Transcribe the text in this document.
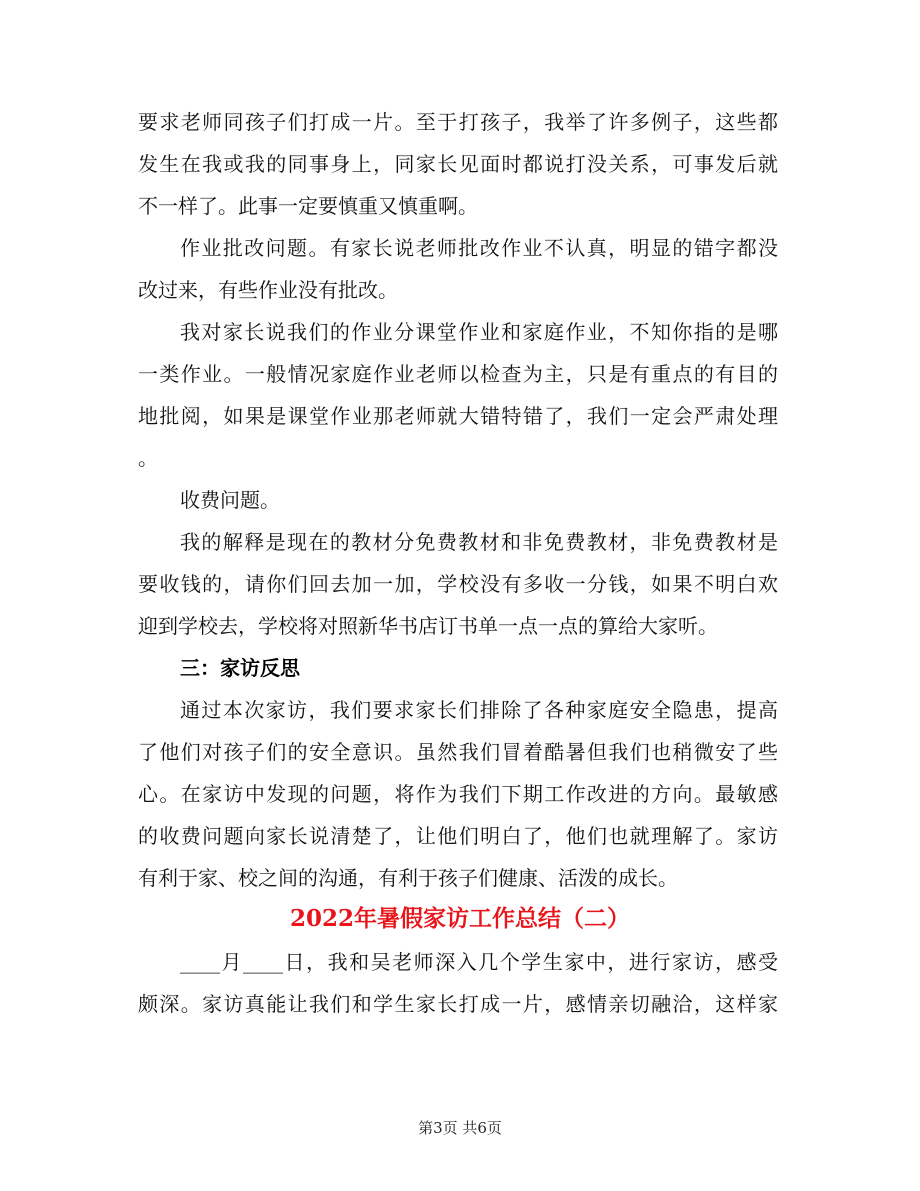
要求老师同孩子们打成一片。至于打孩子，我举了许多例子，这些都
发生在我或我的同事身上，同家长见面时都说打没关系，可事发后就
不一样了。此事一定要慎重又慎重啊。
作业批改问题。有家长说老师批改作业不认真，明显的错字都没
改过来，有些作业没有批改。
我对家长说我们的作业分课堂作业和家庭作业，不知你指的是哪
一类作业。一般情况家庭作业老师以检查为主，只是有重点的有目的
地批阅，如果是课堂作业那老师就大错特错了，我们一定会严肃处理
。
收费问题。
我的解释是现在的教材分免费教材和非免费教材，非免费教材是
要收钱的，请你们回去加一加，学校没有多收一分钱，如果不明白欢
迎到学校去，学校将对照新华书店订书单一点一点的算给大家听。
三：家访反思
通过本次家访，我们要求家长们排除了各种家庭安全隐患，提高
了他们对孩子们的安全意识。虽然我们冒着酷暑但我们也稍微安了些
心。在家访中发现的问题，将作为我们下期工作改进的方向。最敏感
的收费问题向家长说清楚了，让他们明白了，他们也就理解了。家访
有利于家、校之间的沟通，有利于孩子们健康、活泼的成长。
2022年暑假家访工作总结（二）
____月____日，我和吴老师深入几个学生家中，进行家访，感受
颇深。家访真能让我们和学生家长打成一片，感情亲切融洽，这样家
第3页 共6页
